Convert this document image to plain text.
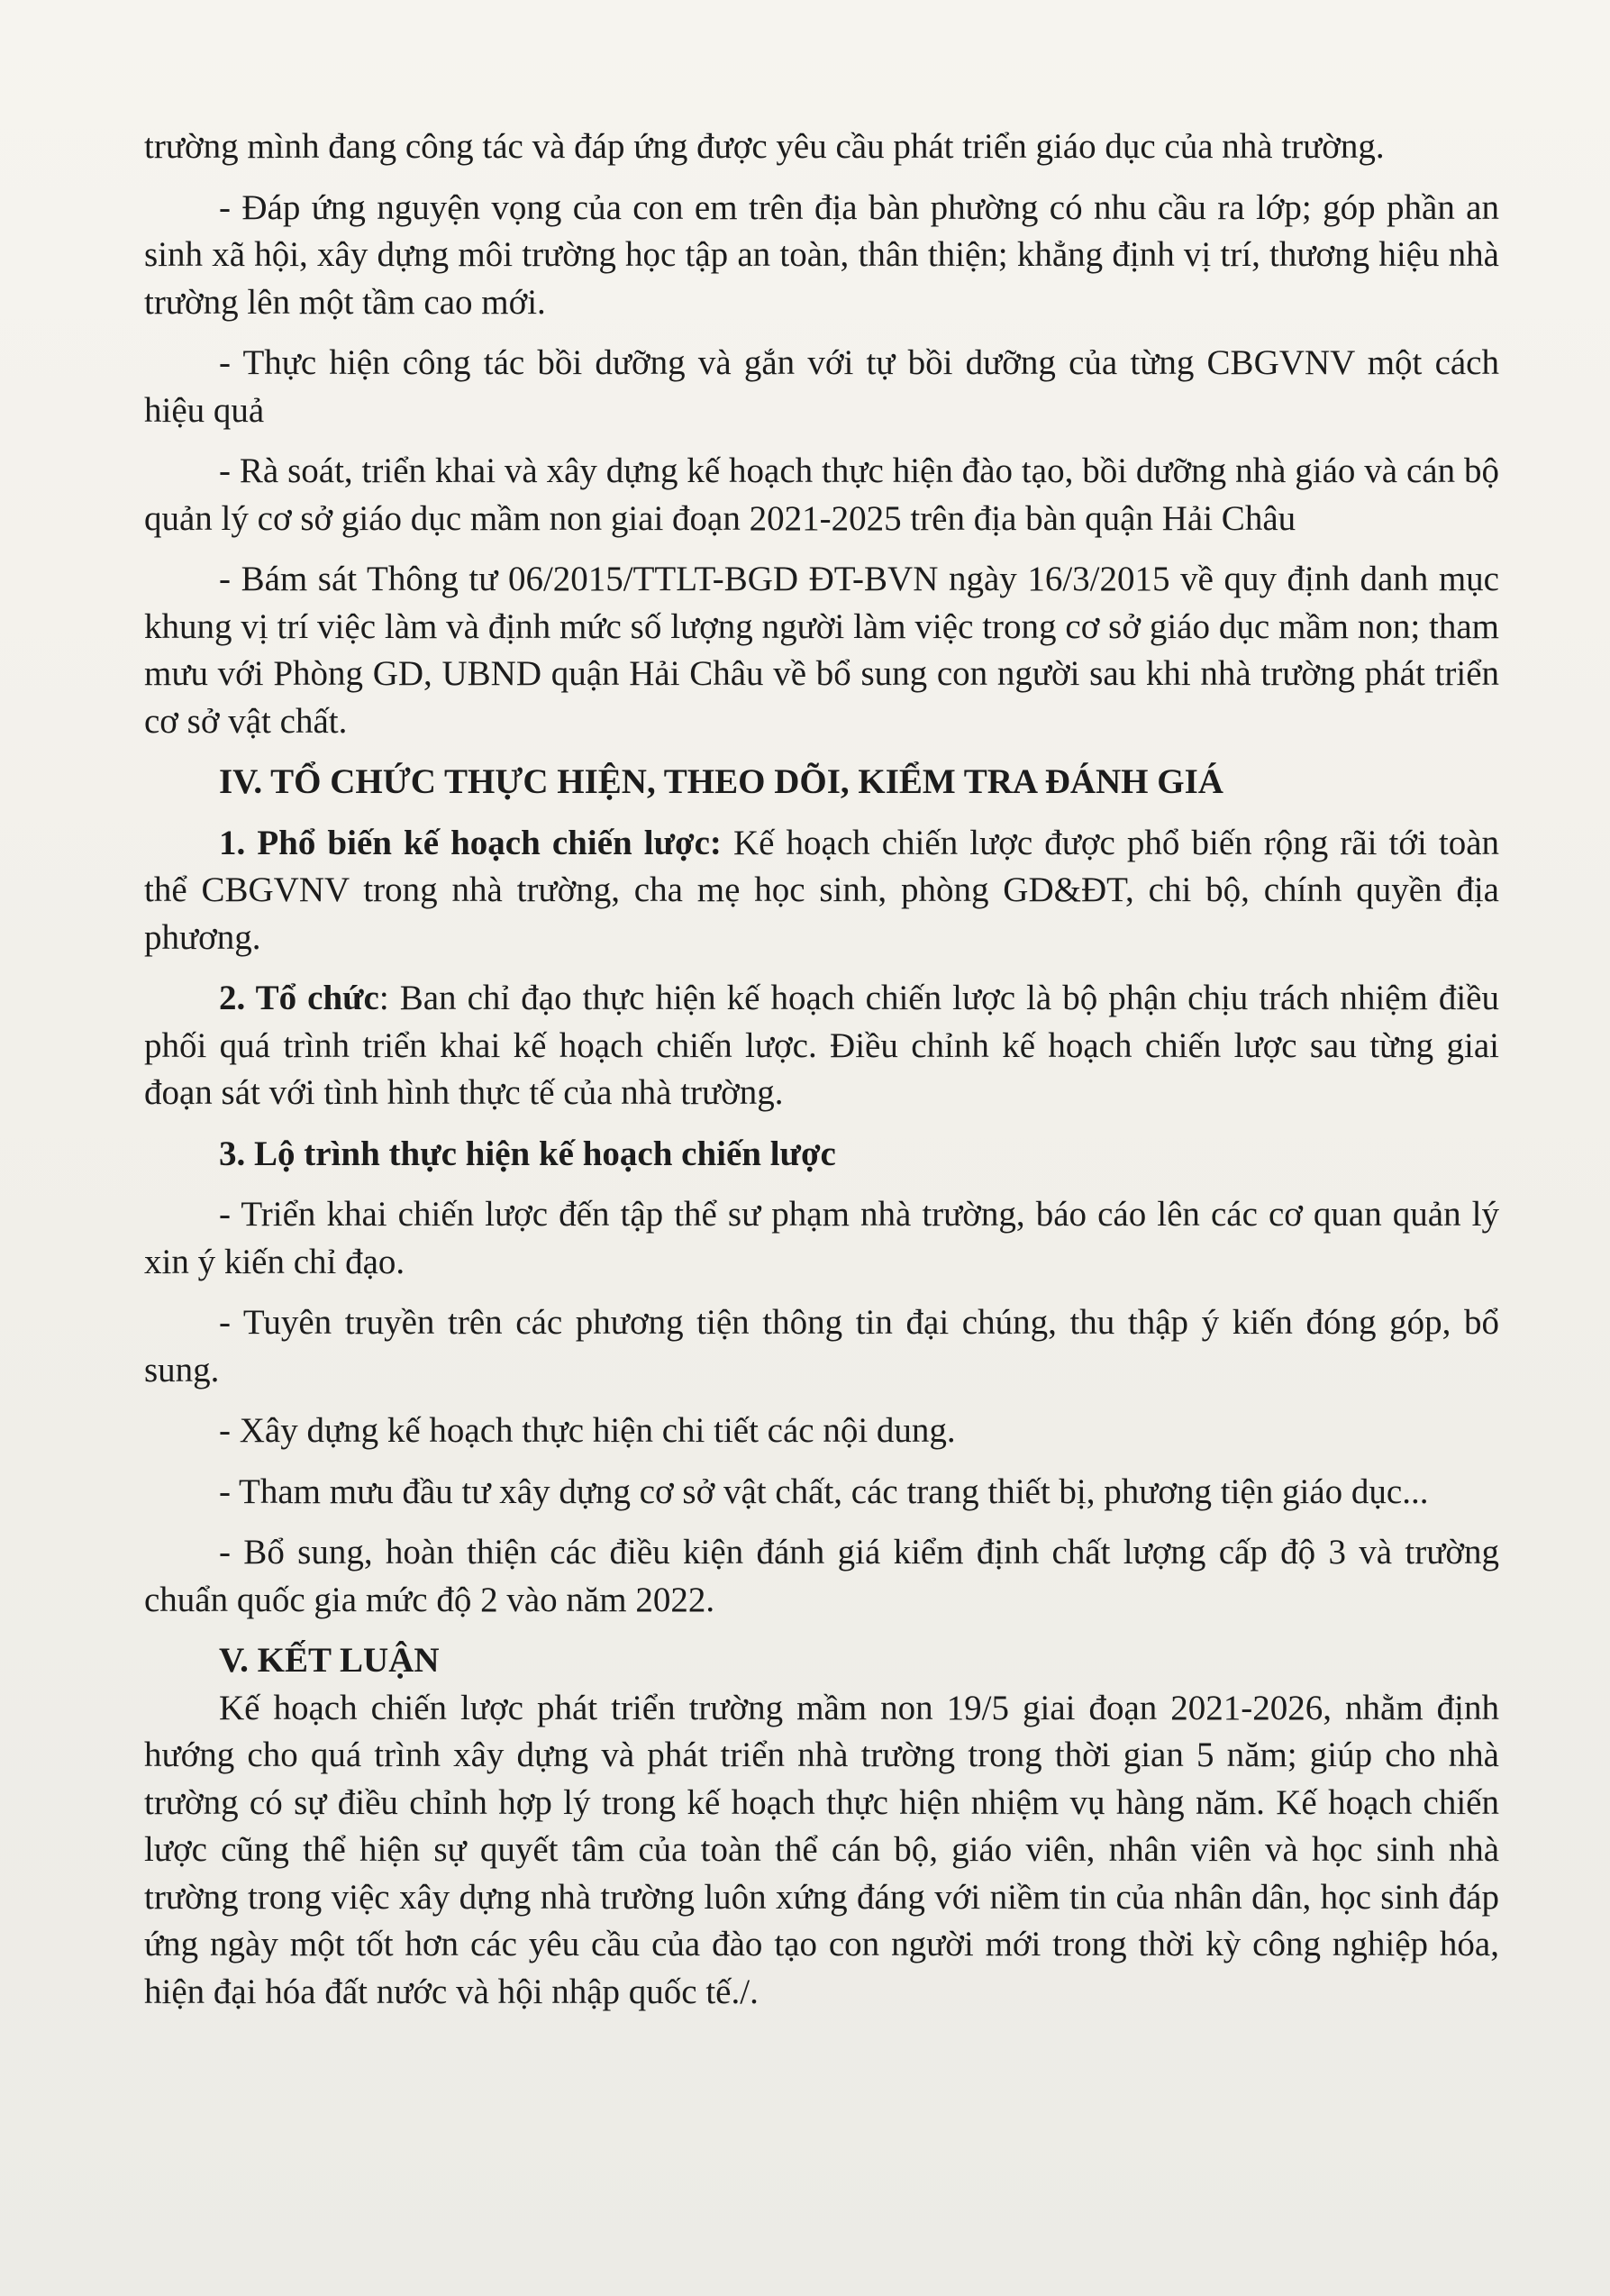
trường mình đang công tác và đáp ứng được yêu cầu phát triển giáo dục của nhà trường.

- Đáp ứng nguyện vọng của con em trên địa bàn phường có nhu cầu ra lớp; góp phần an sinh xã hội, xây dựng môi trường học tập an toàn, thân thiện; khẳng định vị trí, thương hiệu nhà trường lên một tầm cao mới.

- Thực hiện công tác bồi dưỡng và gắn với tự bồi dưỡng của từng CBGVNV một cách hiệu quả

- Rà soát, triển khai và xây dựng kế hoạch thực hiện đào tạo, bồi dưỡng nhà giáo và cán bộ quản lý cơ sở giáo dục mầm non giai đoạn 2021-2025 trên địa bàn quận Hải Châu

- Bám sát Thông tư 06/2015/TTLT-BGD ĐT-BVN ngày 16/3/2015 về quy định danh mục khung vị trí việc làm và định mức số lượng người làm việc trong cơ sở giáo dục mầm non; tham mưu với Phòng GD, UBND quận Hải Châu về bổ sung con người sau khi nhà trường phát triển cơ sở vật chất.

IV. TỔ CHỨC THỰC HIỆN, THEO DÕI, KIỂM TRA ĐÁNH GIÁ

1. Phổ biến kế hoạch chiến lược: Kế hoạch chiến lược được phổ biến rộng rãi tới toàn thể CBGVNV trong nhà trường, cha mẹ học sinh, phòng GD&ĐT, chi bộ, chính quyền địa phương.

2. Tổ chức: Ban chỉ đạo thực hiện kế hoạch chiến lược là bộ phận chịu trách nhiệm điều phối quá trình triển khai kế hoạch chiến lược. Điều chỉnh kế hoạch chiến lược sau từng giai đoạn sát với tình hình thực tế của nhà trường.

3. Lộ trình thực hiện kế hoạch chiến lược

- Triển khai chiến lược đến tập thể sư phạm nhà trường, báo cáo lên các cơ quan quản lý xin ý kiến chỉ đạo.

- Tuyên truyền trên các phương tiện thông tin đại chúng, thu thập ý kiến đóng góp, bổ sung.

- Xây dựng kế hoạch thực hiện chi tiết các nội dung.

- Tham mưu đầu tư xây dựng cơ sở vật chất, các trang thiết bị, phương tiện giáo dục...

- Bổ sung, hoàn thiện các điều kiện đánh giá kiểm định chất lượng cấp độ 3 và trường chuẩn quốc gia mức độ 2 vào năm 2022.

V. KẾT LUẬN

Kế hoạch chiến lược phát triển trường mầm non 19/5 giai đoạn 2021-2026, nhằm định hướng cho quá trình xây dựng và phát triển nhà trường trong thời gian 5 năm; giúp cho nhà trường có sự điều chỉnh hợp lý trong kế hoạch thực hiện nhiệm vụ hàng năm. Kế hoạch chiến lược cũng thể hiện sự quyết tâm của toàn thể cán bộ, giáo viên, nhân viên và học sinh nhà trường trong việc xây dựng nhà trường luôn xứng đáng với niềm tin của nhân dân, học sinh đáp ứng ngày một tốt hơn các yêu cầu của đào tạo con người mới trong thời kỳ công nghiệp hóa, hiện đại hóa đất nước và hội nhập quốc tế./.
